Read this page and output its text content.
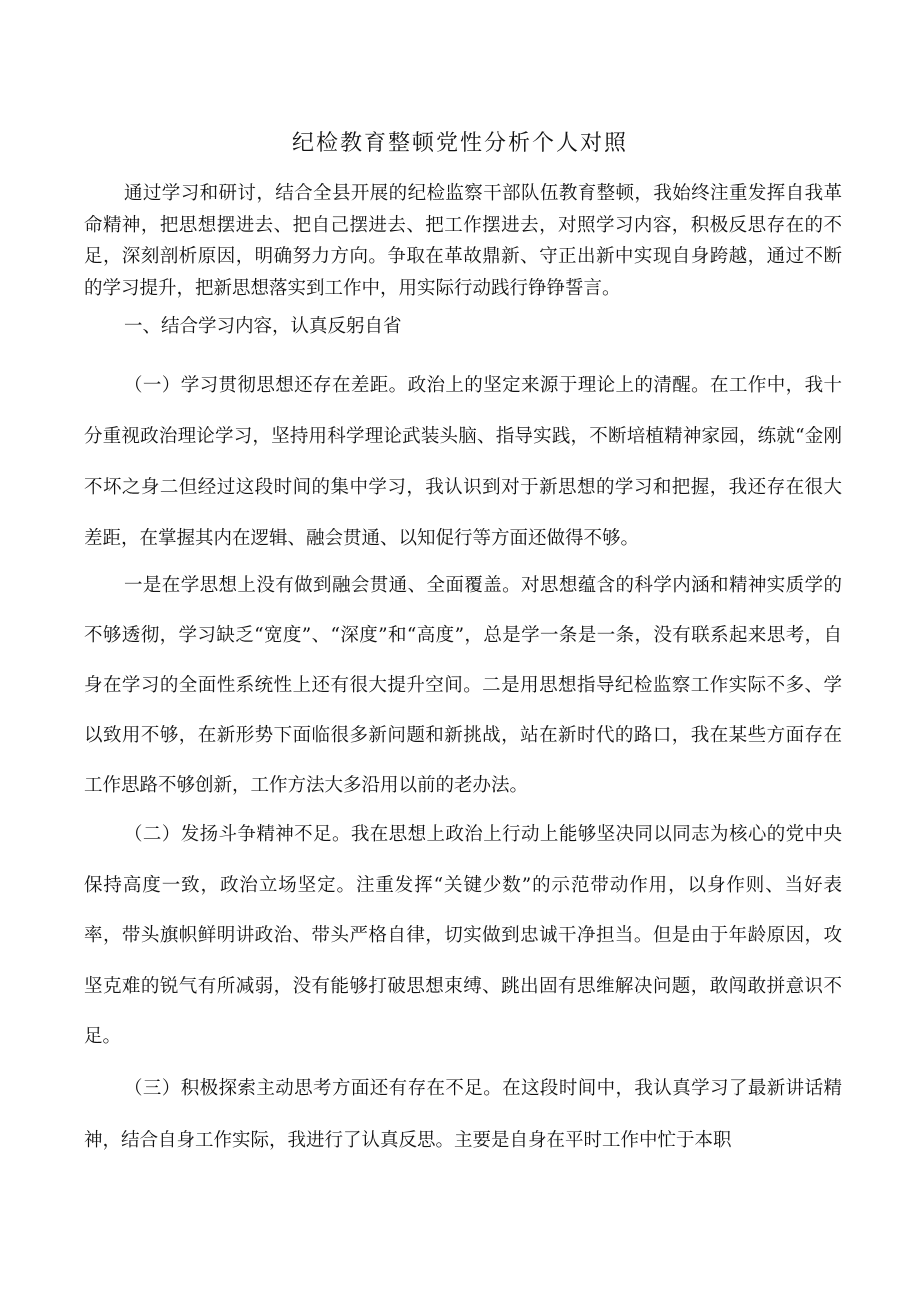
纪检教育整顿党性分析个人对照
通过学习和研讨，结合全县开展的纪检监察干部队伍教育整顿，我始终注重发挥自我革命精神，把思想摆进去、把自己摆进去、把工作摆进去，对照学习内容，积极反思存在的不足，深刻剖析原因，明确努力方向。争取在革故鼎新、守正出新中实现自身跨越，通过不断的学习提升，把新思想落实到工作中，用实际行动践行铮铮誓言。
一、结合学习内容，认真反躬自省
（一）学习贯彻思想还存在差距。政治上的坚定来源于理论上的清醒。在工作中，我十分重视政治理论学习，坚持用科学理论武装头脑、指导实践，不断培植精神家园，练就“金刚不坏之身二但经过这段时间的集中学习，我认识到对于新思想的学习和把握，我还存在很大差距，在掌握其内在逻辑、融会贯通、以知促行等方面还做得不够。
一是在学思想上没有做到融会贯通、全面覆盖。对思想蕴含的科学内涵和精神实质学的不够透彻，学习缺乏“宽度”、“深度”和“高度”，总是学一条是一条，没有联系起来思考，自身在学习的全面性系统性上还有很大提升空间。二是用思想指导纪检监察工作实际不多、学以致用不够，在新形势下面临很多新问题和新挑战，站在新时代的路口，我在某些方面存在工作思路不够创新，工作方法大多沿用以前的老办法。
（二）发扬斗争精神不足。我在思想上政治上行动上能够坚决同以同志为核心的党中央保持高度一致，政治立场坚定。注重发挥“关键少数”的示范带动作用，以身作则、当好表率，带头旗帜鲜明讲政治、带头严格自律，切实做到忠诚干净担当。但是由于年龄原因，攻坚克难的锐气有所减弱，没有能够打破思想束缚、跳出固有思维解决问题，敢闯敢拼意识不足。
（三）积极探索主动思考方面还有存在不足。在这段时间中，我认真学习了最新讲话精神，结合自身工作实际，我进行了认真反思。主要是自身在平时工作中忙于本职
